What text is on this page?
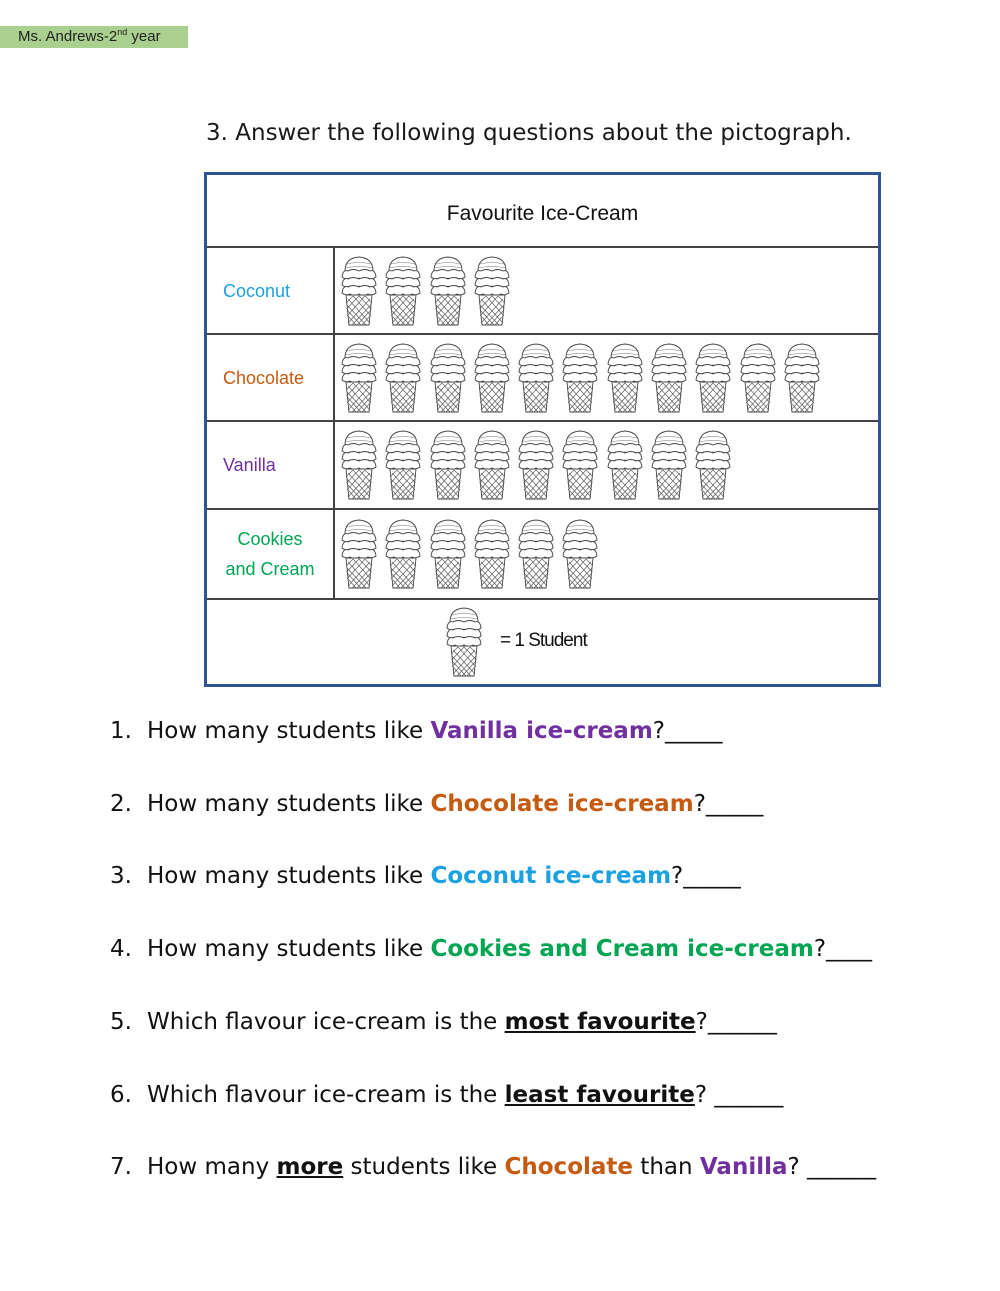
Ms. Andrews-2nd year
3. Answer the following questions about the pictograph.
Favourite Ice-Cream
Coconut
Chocolate
Vanilla
Cookies
and Cream
= 1 Student
1. How many students like Vanilla ice-cream?_____
2. How many students like Chocolate ice-cream?_____
3. How many students like Coconut ice-cream?_____
4. How many students like Cookies and Cream ice-cream?____
5. Which flavour ice-cream is the most favourite?______
6. Which flavour ice-cream is the least favourite? ______
7. How many more students like Chocolate than Vanilla? ______
